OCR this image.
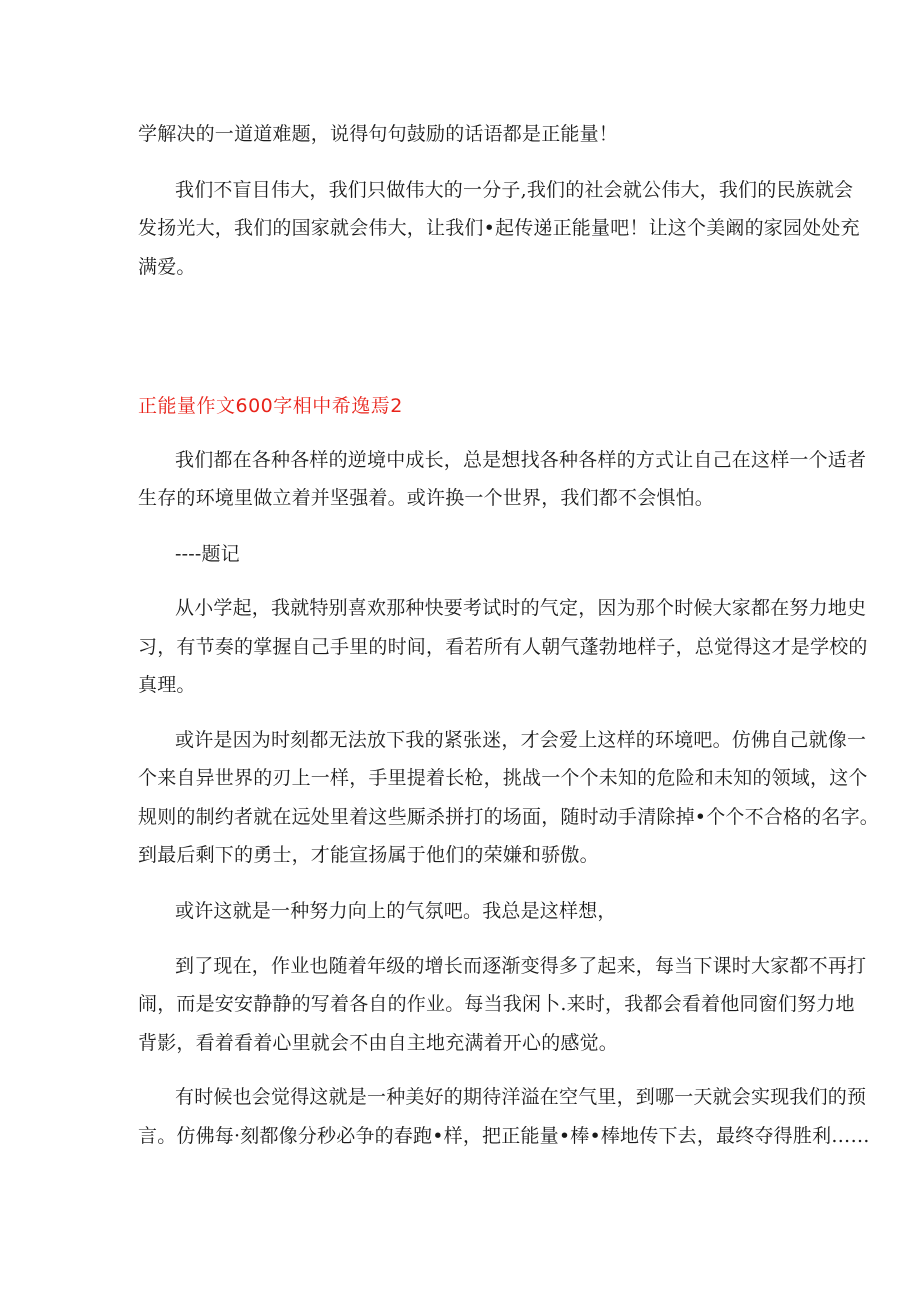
学解决的一道道难题，说得句句鼓励的话语都是正能量！
我们不盲目伟大，我们只做伟大的一分子,我们的社会就公伟大，我们的民族就会
发扬光大，我们的国家就会伟大，让我们•起传递正能量吧！让这个美阚的家园处处充
满爱。
正能量作文600字相中希逸焉2
我们都在各种各样的逆境中成长，总是想找各种各样的方式让自己在这样一个适者
生存的环境里做立着并坚强着。或许换一个世界，我们都不会惧怕。
----题记
从小学起，我就特别喜欢那种快要考试时的气定，因为那个时候大家都在努力地史
习，有节奏的掌握自己手里的时间，看若所有人朝气蓬勃地样子，总觉得这才是学校的
真理。
或许是因为时刻都无法放下我的紧张迷，才会爱上这样的环境吧。仿佛自己就像一
个来自异世界的刃上一样，手里提着长枪，挑战一个个未知的危险和未知的领域，这个
规则的制约者就在远处里着这些厮杀拼打的场面，随时动手清除掉•个个不合格的名字。
到最后剩下的勇士，才能宣扬属于他们的荣嫌和骄傲。
或许这就是一种努力向上的气氛吧。我总是这样想，
到了现在，作业也随着年级的增长而逐渐变得多了起来，每当下课时大家都不再打
闹，而是安安静静的写着各自的作业。每当我闲卜.来时，我都会看着他同窗们努力地
背影，看着看着心里就会不由自主地充满着开心的感觉。
有时候也会觉得这就是一种美好的期待洋溢在空气里，到哪一天就会实现我们的预
言。仿佛每·刻都像分秒必争的春跑•样，把正能量•棒•棒地传下去，最终夺得胜利……
